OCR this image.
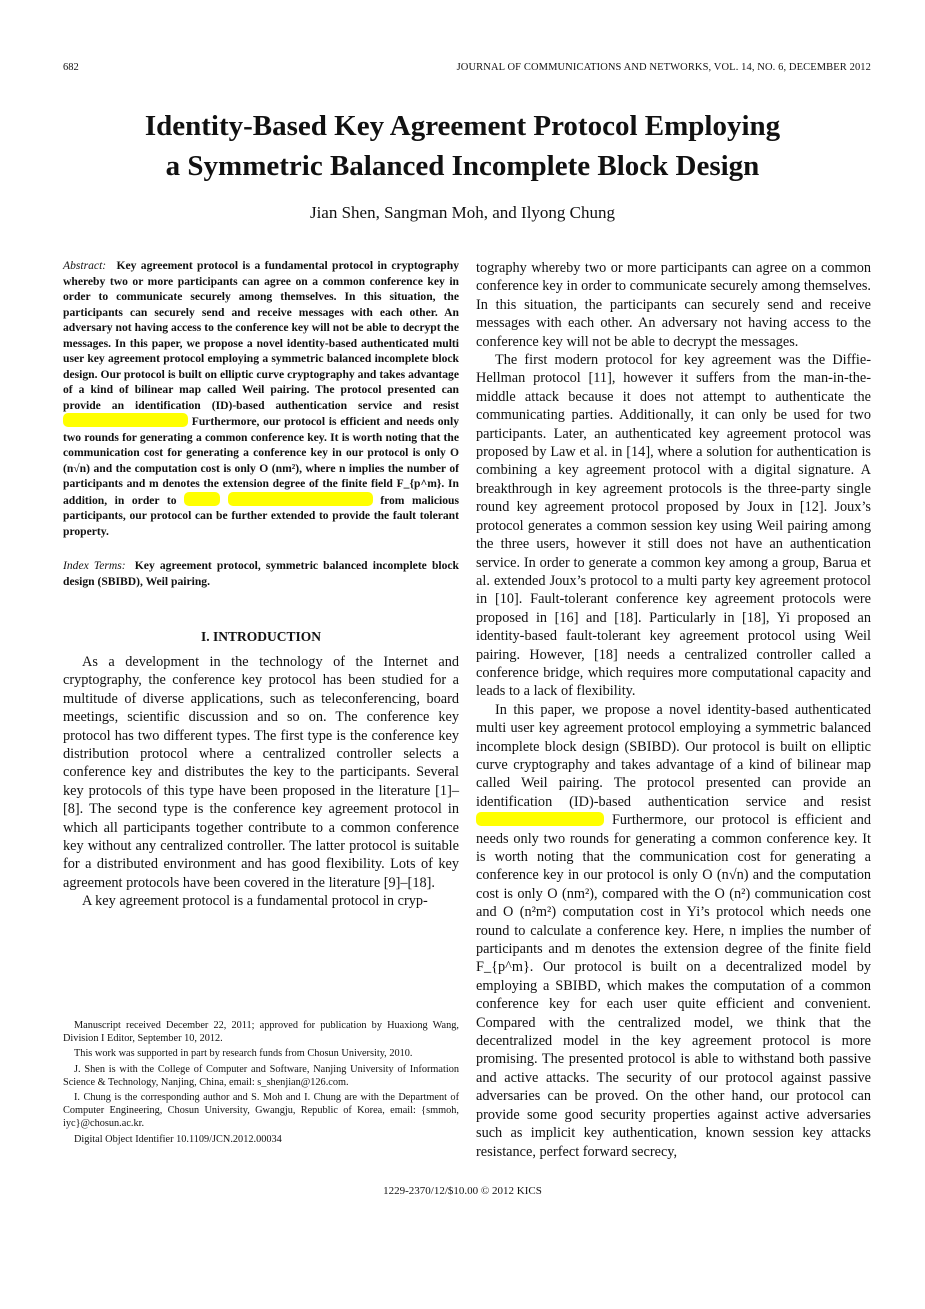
682	JOURNAL OF COMMUNICATIONS AND NETWORKS, VOL. 14, NO. 6, DECEMBER 2012
Identity-Based Key Agreement Protocol Employing
a Symmetric Balanced Incomplete Block Design
Jian Shen, Sangman Moh, and Ilyong Chung

Abstract: Key agreement protocol is a fundamental protocol in cryptography whereby two or more participants can agree on a common conference key in order to communicate securely among themselves. In this situation, the participants can securely send and receive messages with each other. An adversary not having access to the conference key will not be able to decrypt the messages. In this paper, we propose a novel identity-based authenticated multi user key agreement protocol employing a symmetric balanced incomplete block design. Our protocol is built on elliptic curve cryptography and takes advantage of a kind of bilinear map called Weil pairing. The protocol presented can provide an identification (ID)-based authentication service and resist  Furthermore, our protocol is efficient and needs only two rounds for generating a common conference key. It is worth noting that the communication cost for generating a conference key in our protocol is only O (n√n) and the computation cost is only O (nm²), where n implies the number of participants and m denotes the extension degree of the finite field F_{p^m}. In addition, in order to	from malicious participants, our protocol can be further extended to provide the fault tolerant property.

Index Terms: Key agreement protocol, symmetric balanced incomplete block design (SBIBD), Weil pairing.
I. INTRODUCTION

As a development in the technology of the Internet and cryptography, the conference key protocol has been studied for a multitude of diverse applications, such as teleconferencing, board meetings, scientific discussion and so on. The conference key protocol has two different types. The first type is the conference key distribution protocol where a centralized controller selects a conference key and distributes the key to the participants. Several key protocols of this type have been proposed in the literature [1]–[8]. The second type is the conference key agreement protocol in which all participants together contribute to a common conference key without any centralized controller. The latter protocol is suitable for a distributed environment and has good flexibility. Lots of key agreement protocols have been covered in the literature [9]–[18].

A key agreement protocol is a fundamental protocol in cryp-

Manuscript received December 22, 2011; approved for publication by Huaxiong Wang, Division I Editor, September 10, 2012.

This work was supported in part by research funds from Chosun University, 2010.

J. Shen is with the College of Computer and Software, Nanjing University of Information Science & Technology, Nanjing, China, email: s_shenjian@126.com.

I. Chung is the corresponding author and S. Moh and I. Chung are with the Department of Computer Engineering, Chosun University, Gwangju, Republic of Korea, email: {smmoh, iyc}@chosun.ac.kr.

Digital Object Identifier 10.1109/JCN.2012.00034

tography whereby two or more participants can agree on a common conference key in order to communicate securely among themselves. In this situation, the participants can securely send and receive messages with each other. An adversary not having access to the conference key will not be able to decrypt the messages.

The first modern protocol for key agreement was the Diffie-Hellman protocol [11], however it suffers from the man-in-the-middle attack because it does not attempt to authenticate the communicating parties. Additionally, it can only be used for two participants. Later, an authenticated key agreement protocol was proposed by Law et al. in [14], where a solution for authentication is combining a key agreement protocol with a digital signature. A breakthrough in key agreement protocols is the three-party single round key agreement protocol proposed by Joux in [12]. Joux’s protocol generates a common session key using Weil pairing among the three users, however it still does not have an authentication service. In order to generate a common key among a group, Barua et al. extended Joux’s protocol to a multi party key agreement protocol in [10]. Fault-tolerant conference key agreement protocols were proposed in [16] and [18]. Particularly in [18], Yi proposed an identity-based fault-tolerant key agreement protocol using Weil pairing. However, [18] needs a centralized controller called a conference bridge, which requires more computational capacity and leads to a lack of flexibility.

In this paper, we propose a novel identity-based authenticated multi user key agreement protocol employing a symmetric balanced incomplete block design (SBIBD). Our protocol is built on elliptic curve cryptography and takes advantage of a kind of bilinear map called Weil pairing. The protocol presented can provide an identification (ID)-based authentication service and resist  Furthermore, our protocol is efficient and needs only two rounds for generating a common conference key. It is worth noting that the communication cost for generating a conference key in our protocol is only O (n√n) and the computation cost is only O (nm²), compared with the O (n²) communication cost and O (n²m²) computation cost in Yi’s protocol which needs one round to calculate a conference key. Here, n implies the number of participants and m denotes the extension degree of the finite field F_{p^m}. Our protocol is built on a decentralized model by employing a SBIBD, which makes the computation of a common conference key for each user quite efficient and convenient. Compared with the centralized model, we think that the decentralized model in the key agreement protocol is more promising. The presented protocol is able to withstand both passive and active attacks. The security of our protocol against passive adversaries can be proved. On the other hand, our protocol can provide some good security properties against active adversaries such as implicit key authentication, known session key attacks resistance, perfect forward secrecy,

1229-2370/12/$10.00 © 2012 KICS
